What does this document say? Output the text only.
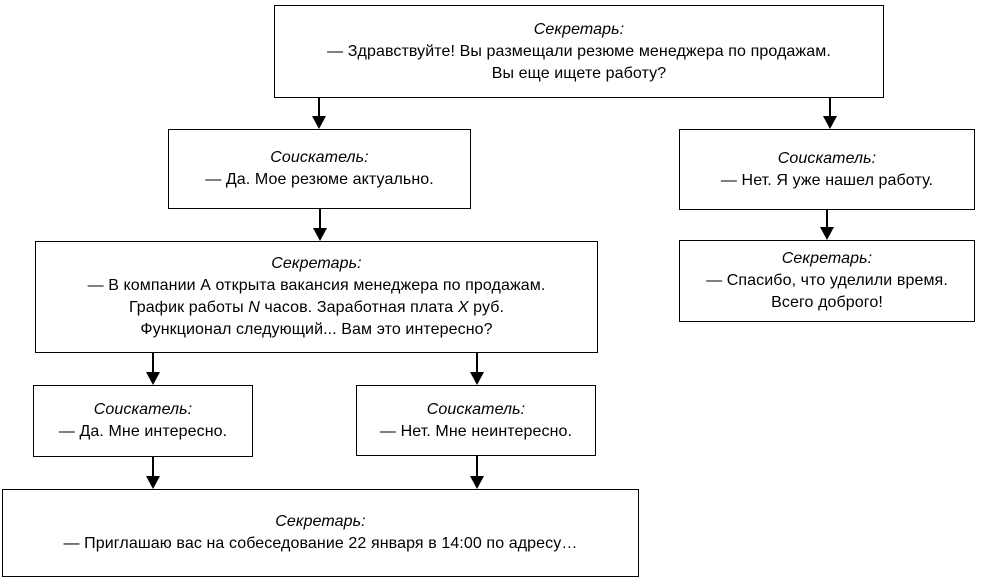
Секретарь:
— Здравствуйте! Вы размещали резюме менеджера по продажам.
Вы еще ищете работу?
Соискатель:
— Да. Мое резюме актуально.
Соискатель:
— Нет. Я уже нашел работу.
Секретарь:
— В компании А открыта вакансия менеджера по продажам.
График работы N часов. Заработная плата X руб.
Функционал следующий... Вам это интересно?
Секретарь:
— Спасибо, что уделили время.
Всего доброго!
Соискатель:
— Да. Мне интересно.
Соискатель:
— Нет. Мне неинтересно.
Секретарь:
— Приглашаю вас на собеседование 22 января в 14:00 по адресу…
